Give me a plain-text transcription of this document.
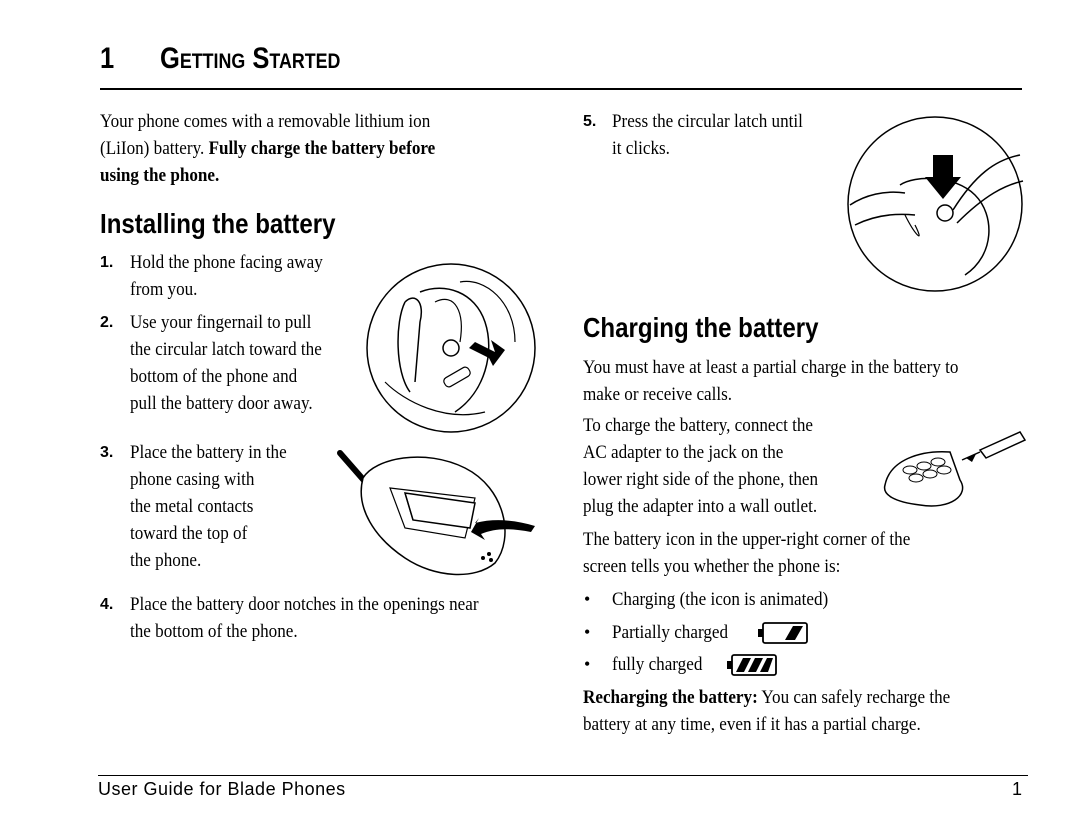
1 Getting Started
Your phone comes with a removable lithium ion
(LiIon) battery. Fully charge the battery before
using the phone.
Installing the battery
1. Hold the phone facing away
from you.
2. Use your fingernail to pull
the circular latch toward the
bottom of the phone and
pull the battery door away.
3. Place the battery in the
phone casing with
the metal contacts
toward the top of
the phone.
4. Place the battery door notches in the openings near
the bottom of the phone.
5. Press the circular latch until
it clicks.
Charging the battery
You must have at least a partial charge in the battery to
make or receive calls.
To charge the battery, connect the
AC adapter to the jack on the
lower right side of the phone, then
plug the adapter into a wall outlet.
The battery icon in the upper-right corner of the
screen tells you whether the phone is:
• Charging (the icon is animated)
• Partially charged
• fully charged
Recharging the battery: You can safely recharge the
battery at any time, even if it has a partial charge.
User Guide for Blade Phones	1
